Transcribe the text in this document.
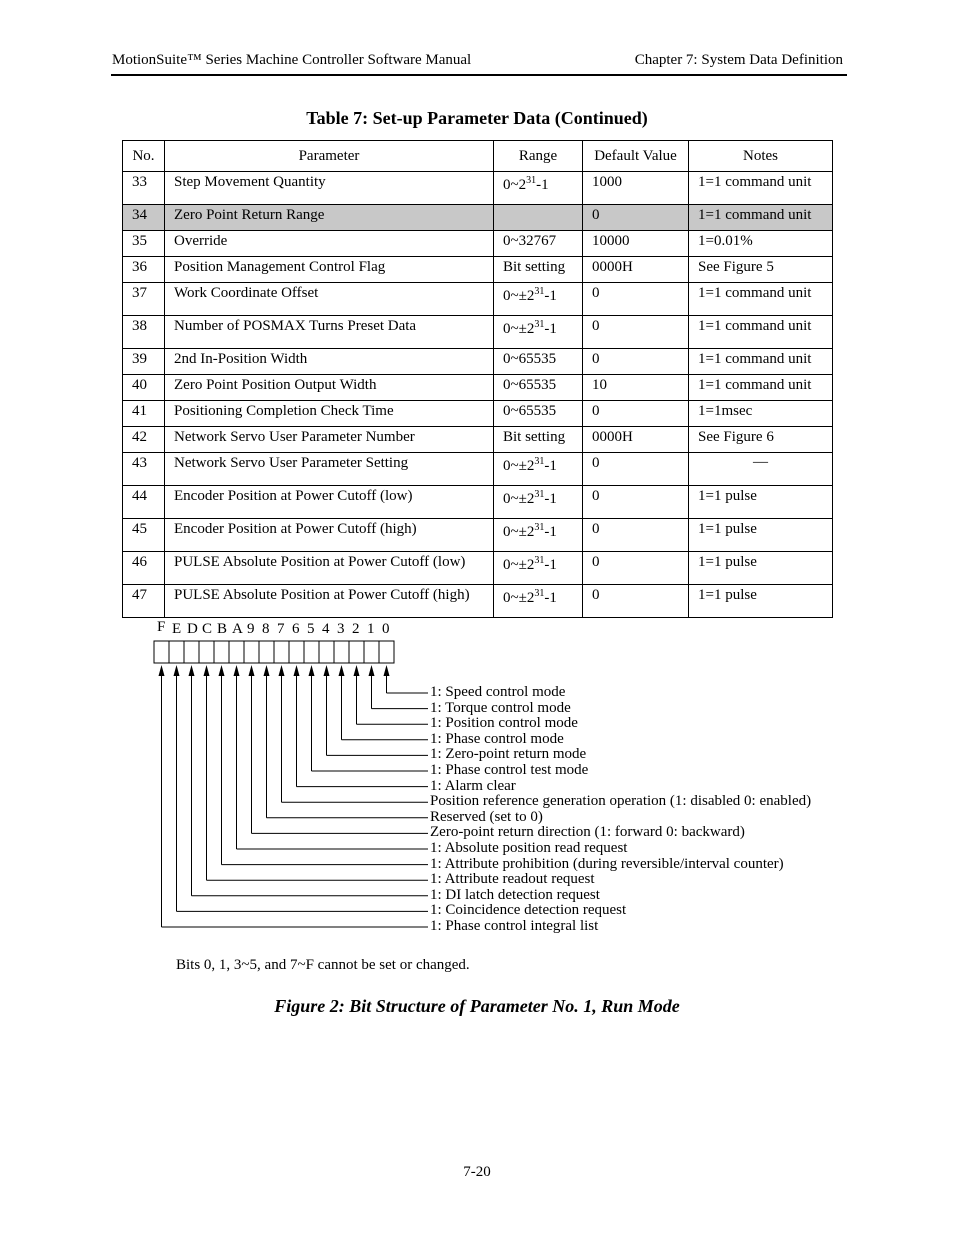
MotionSuite™ Series Machine Controller Software Manual	Chapter 7: System Data Definition
Table 7: Set-up Parameter Data (Continued)
No.	Parameter	Range	Default Value	Notes
33	Step Movement Quantity	$0\sim 2^{31}-1$	1000	1=1 command unit
34	Zero Point Return Range		0	1=1 command unit
35	Override	0~32767	10000	1=0.01%
36	Position Management Control Flag	Bit setting	0000H	See Figure 5
37	Work Coordinate Offset	$0\sim\pm 2^{31}-1$	0	1=1 command unit
38	Number of POSMAX Turns Preset Data	$0\sim\pm 2^{31}-1$	0	1=1 command unit
39	2nd In-Position Width	0~65535	0	1=1 command unit
40	Zero Point Position Output Width	0~65535	10	1=1 command unit
41	Positioning Completion Check Time	0~65535	0	1=1msec
42	Network Servo User Parameter Number	Bit setting	0000H	See Figure 6
43	Network Servo User Parameter Setting	$0\sim\pm 2^{31}-1$	0	—
44	Encoder Position at Power Cutoff (low)	$0\sim\pm 2^{31}-1$	0	1=1 pulse
45	Encoder Position at Power Cutoff (high)	$0\sim\pm 2^{31}-1$	0	1=1 pulse
46	PULSE Absolute Position at Power Cutoff (low)	$0\sim\pm 2^{31}-1$	0	1=1 pulse
47	PULSE Absolute Position at Power Cutoff (high)	$0\sim\pm 2^{31}-1$	0	1=1 pulse
F E D C B A 9 8 7 6 5 4 3 2 1 0
1: Speed control mode
1: Torque control mode
1: Position control mode
1: Phase control mode
1: Zero-point return mode
1: Phase control test mode
1: Alarm clear
Position reference generation operation (1: disabled 0: enabled)
Reserved (set to 0)
Zero-point return direction (1: forward 0: backward)
1: Absolute position read request
1: Attribute prohibition (during reversible/interval counter)
1: Attribute readout request
1: DI latch detection request
1: Coincidence detection request
1: Phase control integral list
Bits 0, 1, 3~5, and 7~F cannot be set or changed.
Figure 2: Bit Structure of Parameter No. 1, Run Mode
7-20
